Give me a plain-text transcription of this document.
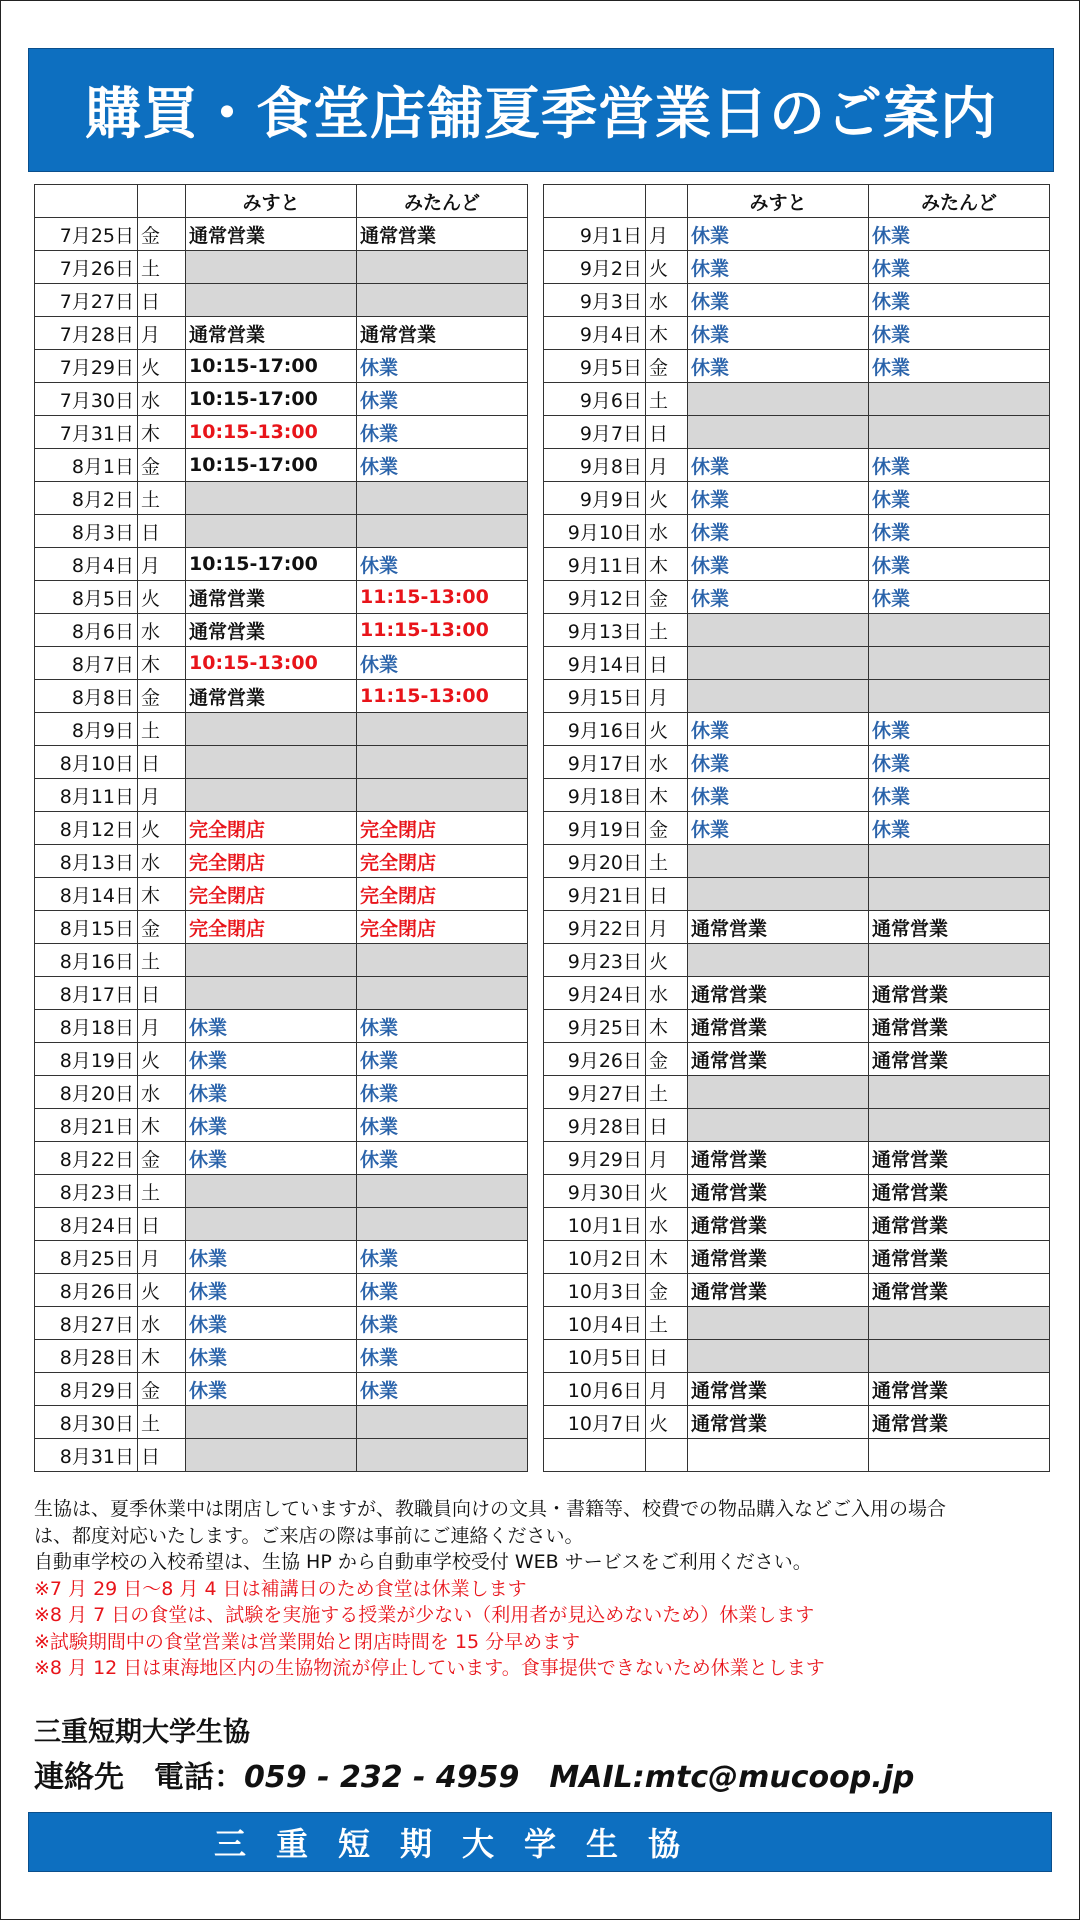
購買・食堂店舗夏季営業日のご案内
		みすと	みたんど
7月25日	金	通常営業	通常営業
7月26日	土		
7月27日	日		
7月28日	月	通常営業	通常営業
7月29日	火	10:15-17:00	休業
7月30日	水	10:15-17:00	休業
7月31日	木	10:15-13:00	休業
8月1日	金	10:15-17:00	休業
8月2日	土		
8月3日	日		
8月4日	月	10:15-17:00	休業
8月5日	火	通常営業	11:15-13:00
8月6日	水	通常営業	11:15-13:00
8月7日	木	10:15-13:00	休業
8月8日	金	通常営業	11:15-13:00
8月9日	土		
8月10日	日		
8月11日	月		
8月12日	火	完全閉店	完全閉店
8月13日	水	完全閉店	完全閉店
8月14日	木	完全閉店	完全閉店
8月15日	金	完全閉店	完全閉店
8月16日	土		
8月17日	日		
8月18日	月	休業	休業
8月19日	火	休業	休業
8月20日	水	休業	休業
8月21日	木	休業	休業
8月22日	金	休業	休業
8月23日	土		
8月24日	日		
8月25日	月	休業	休業
8月26日	火	休業	休業
8月27日	水	休業	休業
8月28日	木	休業	休業
8月29日	金	休業	休業
8月30日	土		
8月31日	日		
		みすと	みたんど
9月1日	月	休業	休業
9月2日	火	休業	休業
9月3日	水	休業	休業
9月4日	木	休業	休業
9月5日	金	休業	休業
9月6日	土		
9月7日	日		
9月8日	月	休業	休業
9月9日	火	休業	休業
9月10日	水	休業	休業
9月11日	木	休業	休業
9月12日	金	休業	休業
9月13日	土		
9月14日	日		
9月15日	月		
9月16日	火	休業	休業
9月17日	水	休業	休業
9月18日	木	休業	休業
9月19日	金	休業	休業
9月20日	土		
9月21日	日		
9月22日	月	通常営業	通常営業
9月23日	火		
9月24日	水	通常営業	通常営業
9月25日	木	通常営業	通常営業
9月26日	金	通常営業	通常営業
9月27日	土		
9月28日	日		
9月29日	月	通常営業	通常営業
9月30日	火	通常営業	通常営業
10月1日	水	通常営業	通常営業
10月2日	木	通常営業	通常営業
10月3日	金	通常営業	通常営業
10月4日	土		
10月5日	日		
10月6日	月	通常営業	通常営業
10月7日	火	通常営業	通常営業

生協は、夏季休業中は閉店していますが、教職員向けの文具・書籍等、校費での物品購入などご入用の場合
は、都度対応いたします。ご来店の際は事前にご連絡ください。
自動車学校の入校希望は、生協 HP から自動車学校受付 WEB サービスをご利用ください。
※7 月 29 日～8 月 4 日は補講日のため食堂は休業します
※8 月 7 日の食堂は、試験を実施する授業が少ない（利用者が見込めないため）休業します
※試験期間中の食堂営業は営業開始と閉店時間を 15 分早めます
※8 月 12 日は東海地区内の生協物流が停止しています。食事提供できないため休業とします
三重短期大学生協
連絡先　電話：059 - 232 - 4959　MAIL:mtc@mucoop.jp
三重短期大学生協
